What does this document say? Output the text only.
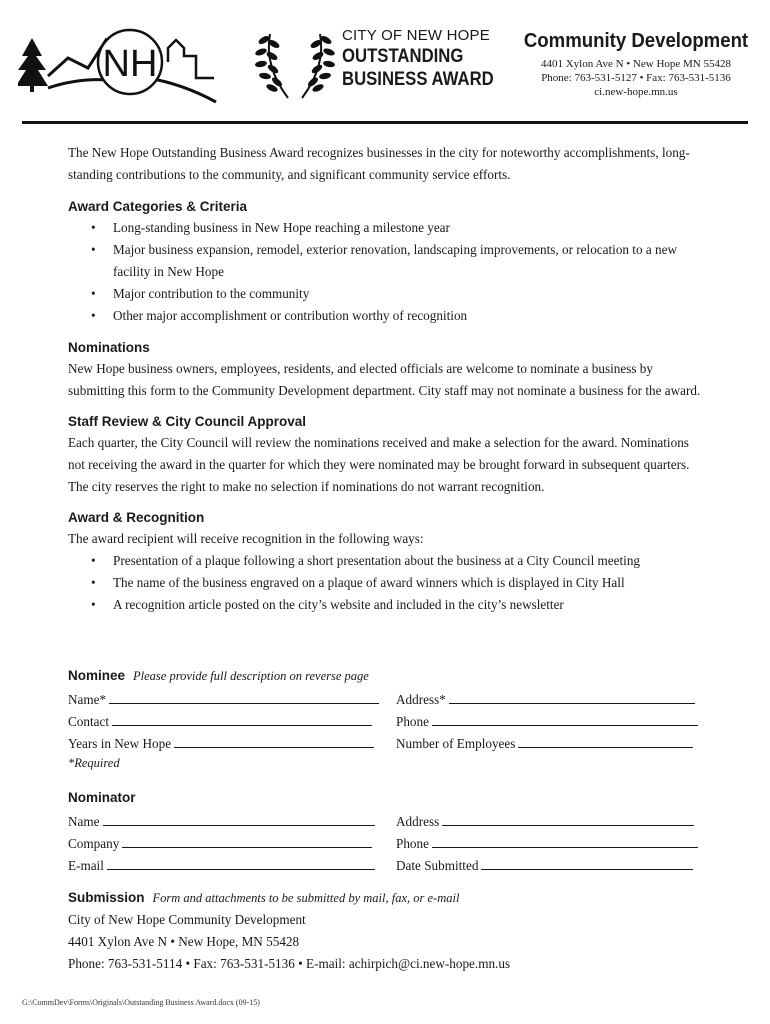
NH
CITY OF NEW HOPE
OUTSTANDING
BUSINESS AWARD
Community Development
4401 Xylon Ave N • New Hope MN 55428
Phone: 763-531-5127 • Fax: 763-531-5136
ci.new-hope.mn.us

The New Hope Outstanding Business Award recognizes businesses in the city for noteworthy accomplishments, long-standing contributions to the community, and significant community service efforts.

Award Categories & Criteria

• Long-standing business in New Hope reaching a milestone year
• Major business expansion, remodel, exterior renovation, landscaping improvements, or relocation to a new facility in New Hope
• Major contribution to the community
• Other major accomplishment or contribution worthy of recognition

Nominations

New Hope business owners, employees, residents, and elected officials are welcome to nominate a business by submitting this form to the Community Development department. City staff may not nominate a business for the award.

Staff Review & City Council Approval

Each quarter, the City Council will review the nominations received and make a selection for the award. Nominations not receiving the award in the quarter for which they were nominated may be brought forward in subsequent quarters. The city reserves the right to make no selection if nominations do not warrant recognition.

Award & Recognition

The award recipient will receive recognition in the following ways:

• Presentation of a plaque following a short presentation about the business at a City Council meeting
• The name of the business engraved on a plaque of award winners which is displayed in City Hall
• A recognition article posted on the city’s website and included in the city’s newsletter
Nominee Please provide full description on reverse page
Name*	Address*
Contact	Phone
Years in New Hope	Number of Employees
*Required
Nominator
Name	Address
Company	Phone
E-mail	Date Submitted
Submission Form and attachments to be submitted by mail, fax, or e-mail
City of New Hope Community Development
4401 Xylon Ave N • New Hope, MN 55428
Phone: 763-531-5114 • Fax: 763-531-5136 • E-mail: achirpich@ci.new-hope.mn.us
G:\CommDev\Forms\Originals\Outstanding Business Award.docx (09-15)
